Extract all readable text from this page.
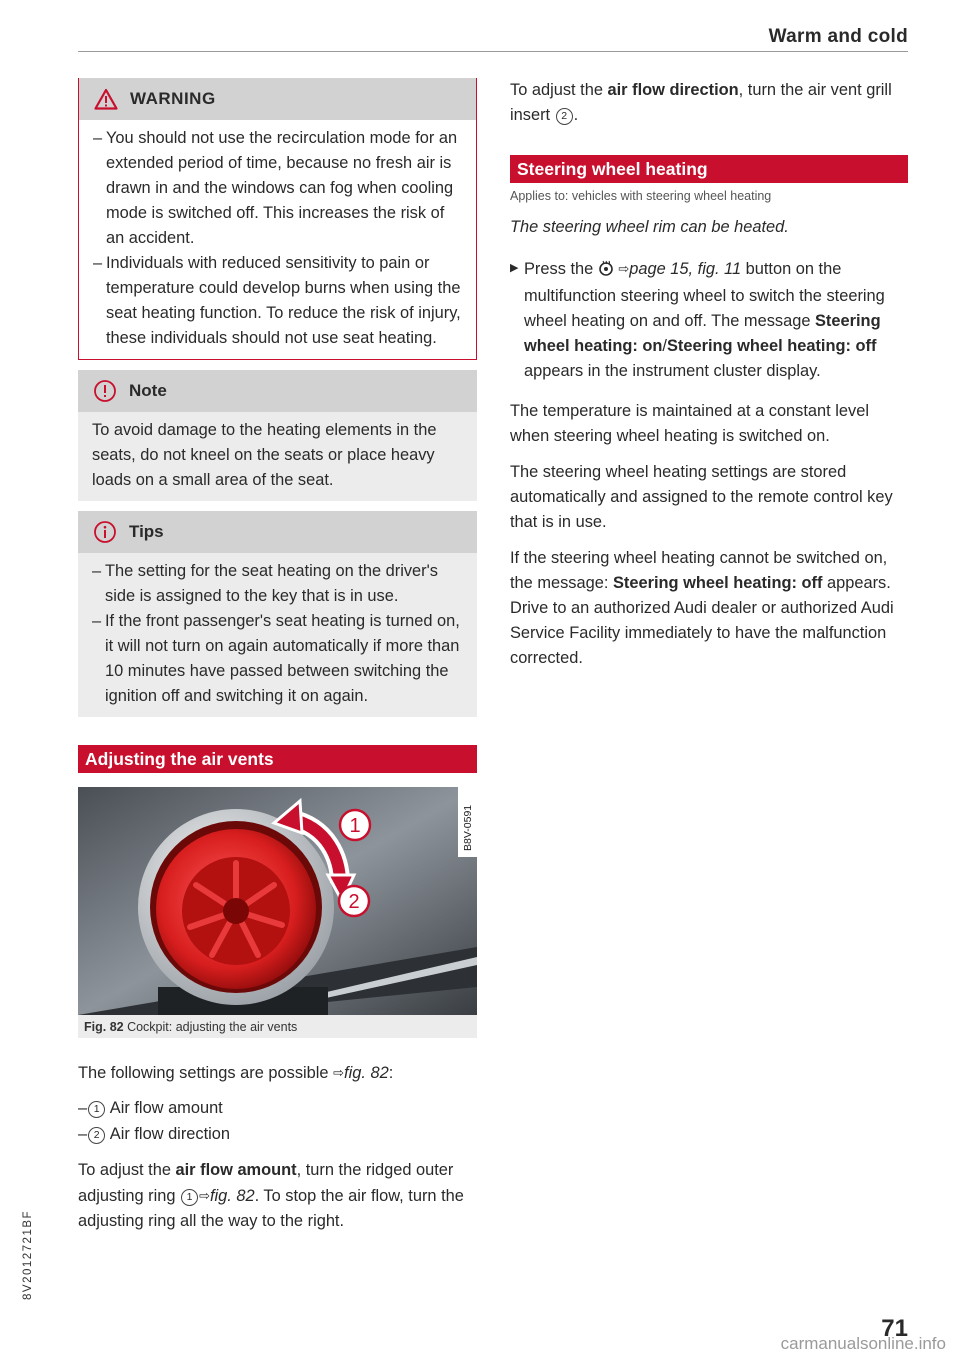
Warm and cold
WARNING

– You should not use the recirculation mode for an extended period of time, because no fresh air is drawn in and the windows can fog when cooling mode is switched off. This increases the risk of an accident.

– Individuals with reduced sensitivity to pain or temperature could develop burns when using the seat heating function. To reduce the risk of injury, these individuals should not use seat heating.

Note

To avoid damage to the heating elements in the seats, do not kneel on the seats or place heavy loads on a small area of the seat.

Tips

– The setting for the seat heating on the driver's side is assigned to the key that is in use.

– If the front passenger's seat heating is turned on, it will not turn on again automatically if more than 10 minutes have passed between switching the ignition off and switching it on again.

Adjusting the air vents
1
2
B8V-0591
Fig. 82 Cockpit: adjusting the air vents

The following settings are possible ⇨fig. 82:

– 1 Air flow amount

– 2 Air flow direction

To adjust the air flow amount, turn the ridged outer adjusting ring 1 ⇨fig. 82. To stop the air flow, turn the adjusting ring all the way to the right.

To adjust the air flow direction, turn the air vent grill insert 2 .

Steering wheel heating

Applies to: vehicles with steering wheel heating

The steering wheel rim can be heated.

▶ Press the ⇨page 15, fig. 11 button on the multifunction steering wheel to switch the steering wheel heating on and off. The message Steering wheel heating: on/Steering wheel heating: off appears in the instrument cluster display.

The temperature is maintained at a constant level when steering wheel heating is switched on.

The steering wheel heating settings are stored automatically and assigned to the remote control key that is in use.

If the steering wheel heating cannot be switched on, the message: Steering wheel heating: off appears. Drive to an authorized Audi dealer or authorized Audi Service Facility immediately to have the malfunction corrected.

8V2012721BF
71
carmanualsonline.info
